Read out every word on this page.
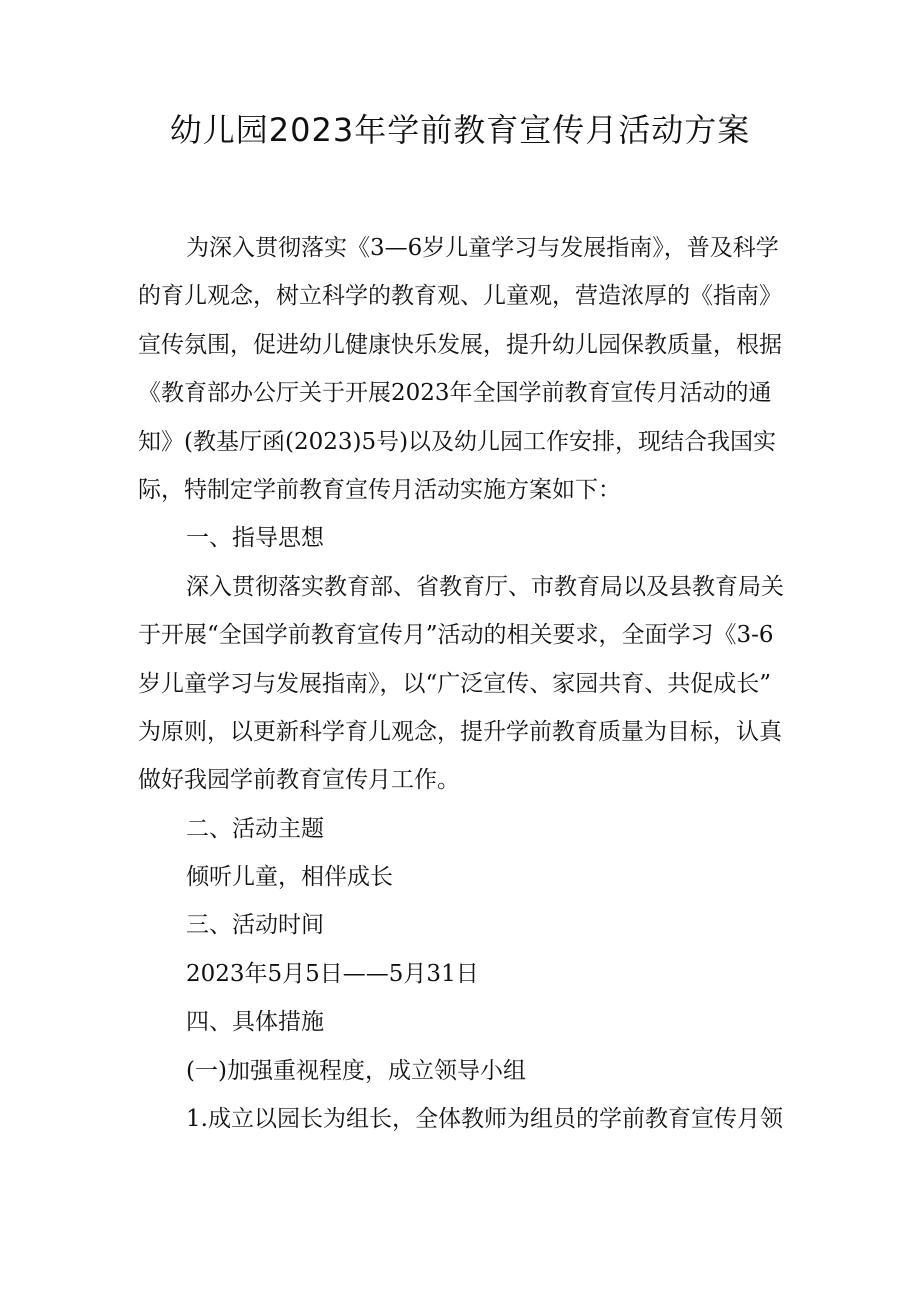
幼儿园2023年学前教育宣传月活动方案
为深入贯彻落实《3—6岁儿童学习与发展指南》，普及科学
的育儿观念，树立科学的教育观、儿童观，营造浓厚的《指南》
宣传氛围，促进幼儿健康快乐发展，提升幼儿园保教质量，根据
《教育部办公厅关于开展2023年全国学前教育宣传月活动的通
知》(教基厅函(2023)5号)以及幼儿园工作安排，现结合我国实
际，特制定学前教育宣传月活动实施方案如下：
一、指导思想
深入贯彻落实教育部、省教育厅、市教育局以及县教育局关
于开展“全国学前教育宣传月”活动的相关要求，全面学习《3-6
岁儿童学习与发展指南》，以“广泛宣传、家园共育、共促成长”
为原则，以更新科学育儿观念，提升学前教育质量为目标，认真
做好我园学前教育宣传月工作。
二、活动主题
倾听儿童，相伴成长
三、活动时间
2023年5月5日——5月31日
四、具体措施
(一)加强重视程度，成立领导小组
1.成立以园长为组长，全体教师为组员的学前教育宣传月领
